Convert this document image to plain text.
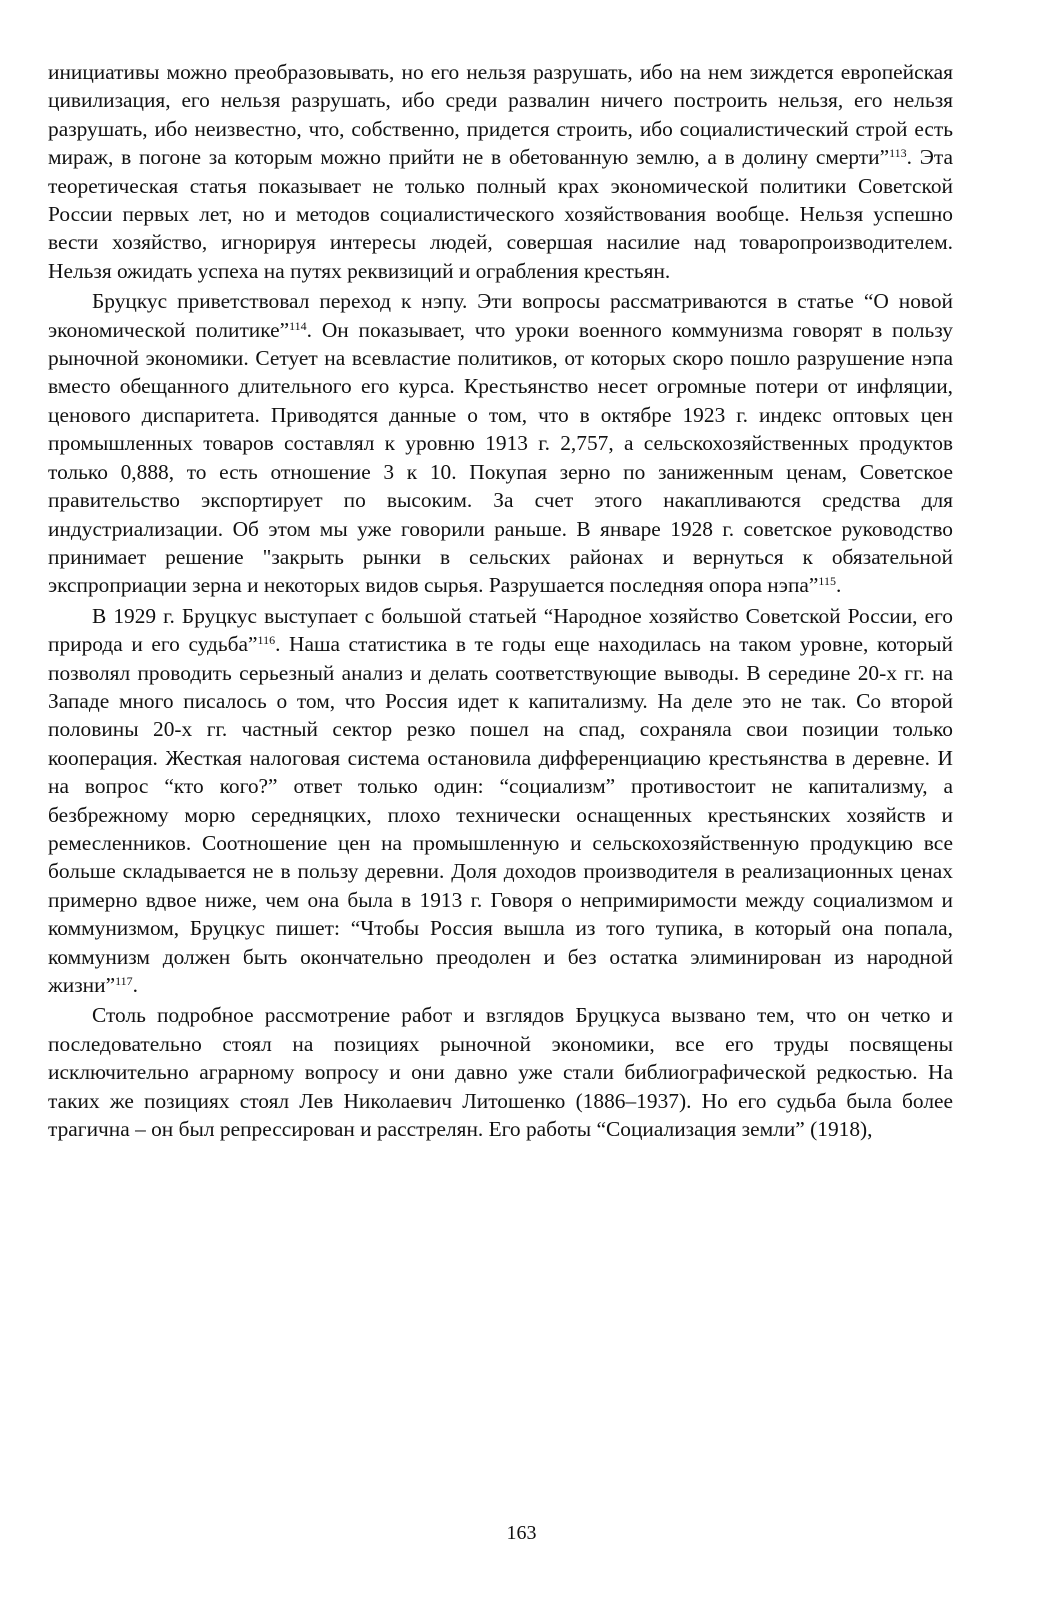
инициативы можно преобразовывать, но его нельзя разрушать, ибо на нем зиждется европейская цивилизация, его нельзя разрушать, ибо среди развалин ничего построить нельзя, его нельзя разрушать, ибо неизвестно, что, собственно, придется строить, ибо социалистический строй есть мираж, в погоне за которым можно прийти не в обетованную землю, а в долину смерти”$^{113}$. Эта теоретическая статья показывает не только полный крах экономической политики Советской России первых лет, но и методов социалистического хозяйствования вообще. Нельзя успешно вести хозяйство, игнорируя интересы людей, совершая насилие над товаропроизводителем. Нельзя ожидать успеха на путях реквизиций и ограбления крестьян.

Бруцкус приветствовал переход к нэпу. Эти вопросы рассматриваются в статье “О новой экономической политике”$^{114}$. Он показывает, что уроки военного коммунизма говорят в пользу рыночной экономики. Сетует на всевластие политиков, от которых скоро пошло разрушение нэпа вместо обещанного длительного его курса. Крестьянство несет огромные потери от инфляции, ценового диспаритета. Приводятся данные о том, что в октябре 1923 г. индекс оптовых цен промышленных товаров составлял к уровню 1913 г. 2,757, а сельскохозяйственных продуктов только 0,888, то есть отношение 3 к 10. Покупая зерно по заниженным ценам, Советское правительство экспортирует по высоким. За счет этого накапливаются средства для индустриализации. Об этом мы уже говорили раньше. В январе 1928 г. советское руководство принимает решение "закрыть рынки в сельских районах и вернуться к обязательной экспроприации зерна и некоторых видов сырья. Разрушается последняя опора нэпа”$^{115}$.

В 1929 г. Бруцкус выступает с большой статьей “Народное хозяйство Советской России, его природа и его судьба”$^{116}$. Наша статистика в те годы еще находилась на таком уровне, который позволял проводить серьезный анализ и делать соответствующие выводы. В середине 20-х гг. на Западе много писалось о том, что Россия идет к капитализму. На деле это не так. Со второй половины 20-х гг. частный сектор резко пошел на спад, сохраняла свои позиции только кооперация. Жесткая налоговая система остановила дифференциацию крестьянства в деревне. И на вопрос “кто кого?” ответ только один: “социализм” противостоит не капитализму, а безбрежному морю середняцких, плохо технически оснащенных крестьянских хозяйств и ремесленников. Соотношение цен на промышленную и сельскохозяйственную продукцию все больше складывается не в пользу деревни. Доля доходов производителя в реализационных ценах примерно вдвое ниже, чем она была в 1913 г. Говоря о непримиримости между социализмом и коммунизмом, Бруцкус пишет: “Чтобы Россия вышла из того тупика, в который она попала, коммунизм должен быть окончательно преодолен и без остатка элиминирован из народной жизни”$^{117}$.

Столь подробное рассмотрение работ и взглядов Бруцкуса вызвано тем, что он четко и последовательно стоял на позициях рыночной экономики, все его труды посвящены исключительно аграрному вопросу и они давно уже стали библиографической редкостью. На таких же позициях стоял Лев Николаевич Литошенко (1886–1937). Но его судьба была более трагична – он был репрессирован и расстрелян. Его работы “Социализация земли” (1918),

163
